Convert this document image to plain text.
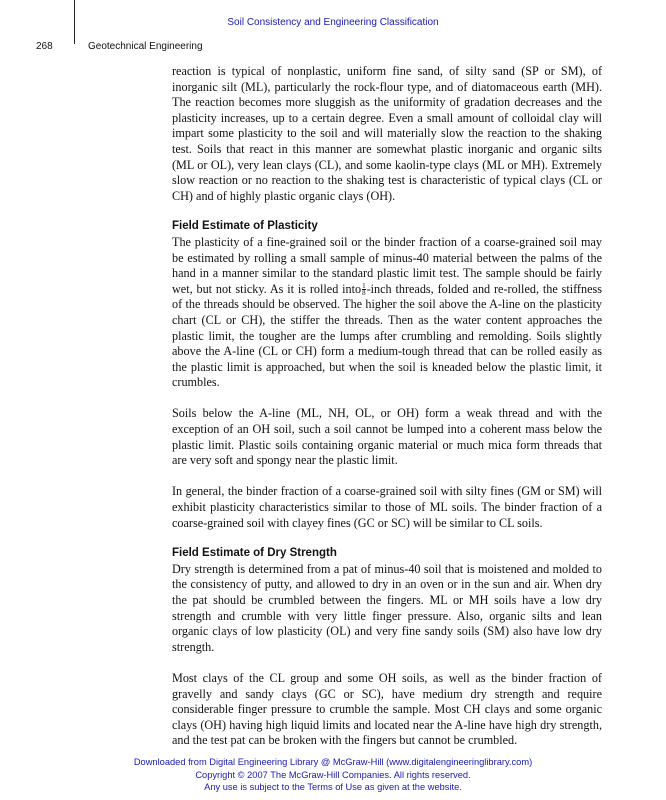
Soil Consistency and Engineering Classification
268	Geotechnical Engineering

reaction is typical of nonplastic, uniform fine sand, of silty sand (SP or SM), of inorganic silt (ML), particularly the rock-flour type, and of diatomaceous earth (MH). The reaction becomes more sluggish as the uniformity of gradation decreases and the plasticity increases, up to a certain degree. Even a small amount of colloidal clay will impart some plasticity to the soil and will materially slow the reaction to the shaking test. Soils that react in this manner are somewhat plastic inorganic and organic silts (ML or OL), very lean clays (CL), and some kaolin-type clays (ML or MH). Extremely slow reaction or no reaction to the shaking test is characteristic of typical clays (CL or CH) and of highly plastic organic clays (OH).

Field Estimate of Plasticity

The plasticity of a fine-grained soil or the binder fraction of a coarse-grained soil may be estimated by rolling a small sample of minus-40 material between the palms of the hand in a manner similar to the standard plastic limit test. The sample should be fairly wet, but not sticky. As it is rolled into $\frac{1}{8}$ -inch threads, folded and re-rolled, the stiffness of the threads should be observed. The higher the soil above the A-line on the plasticity chart (CL or CH), the stiffer the threads. Then as the water content approaches the plastic limit, the tougher are the lumps after crumbling and remolding. Soils slightly above the A-line (CL or CH) form a medium-tough thread that can be rolled easily as the plastic limit is approached, but when the soil is kneaded below the plastic limit, it crumbles.

Soils below the A-line (ML, NH, OL, or OH) form a weak thread and with the exception of an OH soil, such a soil cannot be lumped into a coherent mass below the plastic limit. Plastic soils containing organic material or much mica form threads that are very soft and spongy near the plastic limit.

In general, the binder fraction of a coarse-grained soil with silty fines (GM or SM) will exhibit plasticity characteristics similar to those of ML soils. The binder fraction of a coarse-grained soil with clayey fines (GC or SC) will be similar to CL soils.

Field Estimate of Dry Strength

Dry strength is determined from a pat of minus-40 soil that is moistened and molded to the consistency of putty, and allowed to dry in an oven or in the sun and air. When dry the pat should be crumbled between the fingers. ML or MH soils have a low dry strength and crumble with very little finger pressure. Also, organic silts and lean organic clays of low plasticity (OL) and very fine sandy soils (SM) also have low dry strength.

Most clays of the CL group and some OH soils, as well as the binder fraction of gravelly and sandy clays (GC or SC), have medium dry strength and require considerable finger pressure to crumble the sample. Most CH clays and some organic clays (OH) having high liquid limits and located near the A-line have high dry strength, and the test pat can be broken with the fingers but cannot be crumbled.

Downloaded from Digital Engineering Library @ McGraw-Hill (www.digitalengineeringlibrary.com)
Copyright © 2007 The McGraw-Hill Companies. All rights reserved.
Any use is subject to the Terms of Use as given at the website.
